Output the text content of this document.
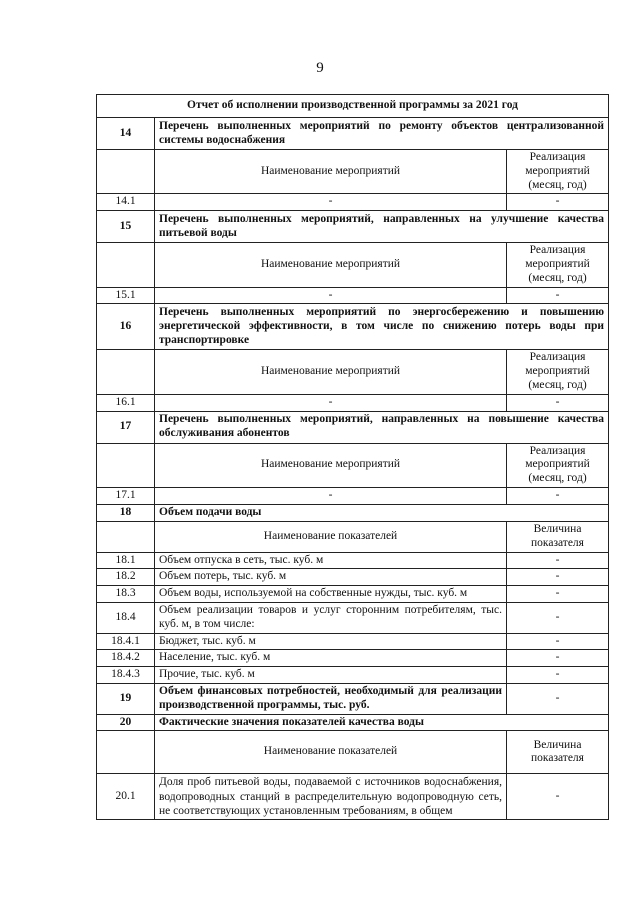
9
Отчет об исполнении производственной программы за 2021 год		
14	Перечень выполненных мероприятий по ремонту объектов централизованной системы водоснабжения	
	Наименование мероприятий	Реализация мероприятий (месяц, год)
14.1	-	-
15	Перечень выполненных мероприятий, направленных на улучшение качества питьевой воды	
	Наименование мероприятий	Реализация мероприятий (месяц, год)
15.1	-	-
16	Перечень выполненных мероприятий по энергосбережению и повышению энергетической эффективности, в том числе по снижению потерь воды при транспортировке	
	Наименование мероприятий	Реализация мероприятий (месяц, год)
16.1	-	-
17	Перечень выполненных мероприятий, направленных на повышение качества обслуживания абонентов	
	Наименование мероприятий	Реализация мероприятий (месяц, год)
17.1	-	-
18	Объем подачи воды	
	Наименование показателей	Величина показателя
18.1	Объем отпуска в сеть, тыс. куб. м	-
18.2	Объем потерь, тыс. куб. м	-
18.3	Объем воды, используемой на собственные нужды, тыс. куб. м	-
18.4	Объем реализации товаров и услуг сторонним потребителям, тыс. куб. м, в том числе:	-
18.4.1	Бюджет, тыс. куб. м	-
18.4.2	Население, тыс. куб. м	-
18.4.3	Прочие, тыс. куб. м	-
19	Объем финансовых потребностей, необходимый для реализации производственной программы, тыс. руб.	-
20	Фактические значения показателей качества воды	
	Наименование показателей	Величина показателя
20.1	Доля проб питьевой воды, подаваемой с источников водоснабжения, водопроводных станций в распределительную водопроводную сеть, не соответствующих установленным требованиям, в общем	-
